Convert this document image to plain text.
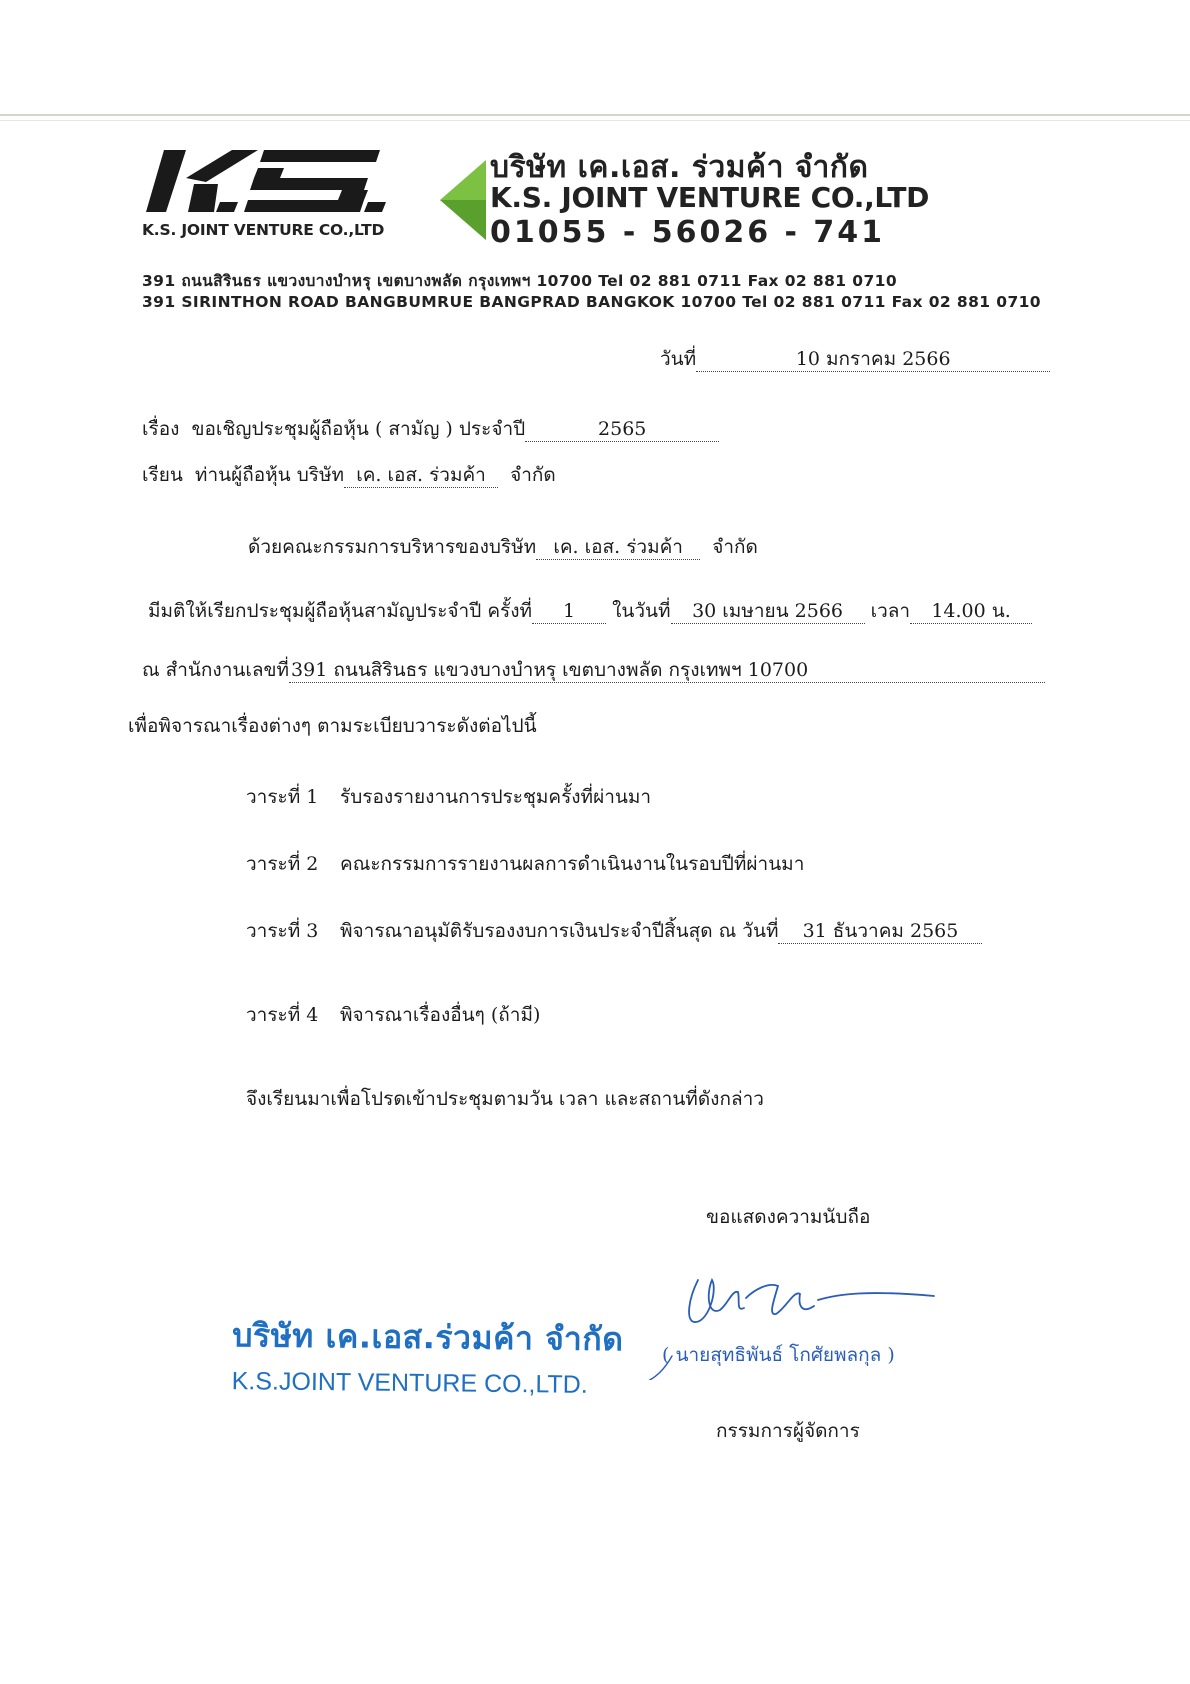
K.S. JOINT VENTURE CO.,LTD
บริษัท เค.เอส. ร่วมค้า จำกัด
K.S. JOINT VENTURE CO.,LTD
01055 - 56026 - 741
391 ถนนสิรินธร แขวงบางบำหรุ เขตบางพลัด กรุงเทพฯ 10700 Tel 02 881 0711 Fax 02 881 0710
391 SIRINTHON ROAD BANGBUMRUE BANGPRAD BANGKOK 10700 Tel 02 881 0711 Fax 02 881 0710
วันที่	10 มกราคม 2566
เรื่อง ขอเชิญประชุมผู้ถือหุ้น ( สามัญ ) ประจำปี	2565
เรียน ท่านผู้ถือหุ้น บริษัท เค. เอส. ร่วมค้า จำกัด
ด้วยคณะกรรมการบริหารของบริษัท เค. เอส. ร่วมค้า จำกัด
มีมติให้เรียกประชุมผู้ถือหุ้นสามัญประจำปี ครั้งที่ 1 ในวันที่ 30 เมษายน 2566 เวลา 14.00 น.
ณ สำนักงานเลขที่ 391 ถนนสิรินธร แขวงบางบำหรุ เขตบางพลัด กรุงเทพฯ 10700
เพื่อพิจารณาเรื่องต่างๆ ตามระเบียบวาระดังต่อไปนี้
วาระที่ 1 รับรองรายงานการประชุมครั้งที่ผ่านมา
วาระที่ 2 คณะกรรมการรายงานผลการดำเนินงานในรอบปีที่ผ่านมา
วาระที่ 3 พิจารณาอนุมัติรับรองงบการเงินประจำปีสิ้นสุด ณ วันที่ 31 ธันวาคม 2565
วาระที่ 4 พิจารณาเรื่องอื่นๆ (ถ้ามี)
จึงเรียนมาเพื่อโปรดเข้าประชุมตามวัน เวลา และสถานที่ดังกล่าว
ขอแสดงความนับถือ
( นายสุทธิพันธ์ โกศัยพลกุล )
กรรมการผู้จัดการ
บริษัท เค.เอส.ร่วมค้า จำกัด
K.S.JOINT VENTURE CO.,LTD.
